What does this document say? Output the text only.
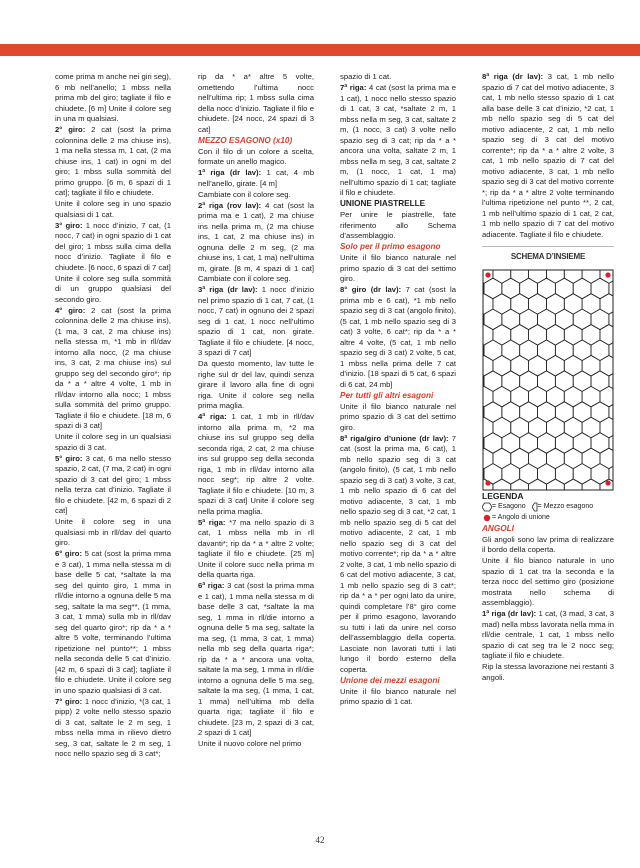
come prima m anche nei giri seg), 6 mb nell’anello; 1 mbss nella prima mb del giro; tagliate il filo e chiudete. [6 m] Unite il colore seg in una m qualsiasi.

2° giro: 2 cat (sost la prima colonnina delle 2 ma chiuse ins), 1 ma nella stessa m, 1 cat, (2 ma chiuse ins, 1 cat) in ogni m del giro; 1 mbss sulla sommità del primo gruppo. [6 m, 6 spazi di 1 cat]; tagliate il filo e chiudete.

Unite il colore seg in uno spazio qualsiasi di 1 cat.

3° giro: 1 nocc d’inizio, 7 cat, (1 nocc, 7 cat) in ogni spazio di 1 cat del giro; 1 mbss sulla cima della nocc d’inizio. Tagliate il filo e chiudete. [6 nocc, 6 spazi di 7 cat]

Unite il colore seg sulla sommità di un gruppo qualsiasi del secondo giro.

4° giro: 2 cat (sost la prima colonnina delle 2 ma chiuse ins), (1 ma, 3 cat, 2 ma chiuse ins) nella stessa m, *1 mb in rll/dav intorno alla nocc, (2 ma chiuse ins, 3 cat, 2 ma chiuse ins) sul gruppo seg del secondo giro*; rip da * a * altre 4 volte, 1 mb in rll/dav intorno alla nocc; 1 mbss sulla sommità del primo gruppo. Tagliate il filo e chiudete. [18 m, 6 spazi di 3 cat]

Unite il colore seg in un qualsiasi spazio di 3 cat.

5° giro: 3 cat, 6 ma nello stesso spazio, 2 cat, (7 ma, 2 cat) in ogni spazio di 3 cat del giro; 1 mbss nella terza cat d’inizio. Tagliate il filo e chiudete. [42 m, 6 spazi di 2 cat]

Unite il colore seg in una qualsiasi mb in rll/dav del quarto giro.

6° giro: 5 cat (sost la prima mma e 3 cat), 1 mma nella stessa m di base delle 5 cat, *saltate la ma seg del quinto giro, 1 mma in rll/die intorno a ognuna delle 5 ma seg, saltate la ma seg**, (1 mma, 3 cat, 1 mma) sulla mb in rll/dav seg del quarto giro*; rip da * a * altre 5 volte, terminando l’ultima ripetizione nel punto**; 1 mbss nella seconda delle 5 cat d’inizio. [42 m, 6 spazi di 3 cat]; tagliate il filo e chiudete. Unite il colore seg in uno spazio qualsiasi di 3 cat.

7° giro: 1 nocc d’inizio, *(3 cat, 1 pipp) 2 volte nello stesso spazio di 3 cat, saltate le 2 m seg, 1 mbss nella mma in rilievo dietro seg, 3 cat, saltate le 2 m seg, 1 nocc nello spazio seg di 3 cat*;

rip da * a* altre 5 volte, omettendo l’ultima nocc nell’ultima rip; 1 mbss sulla cima della nocc d’inizio. Tagliate il filo e chiudete. [24 nocc, 24 spazi di 3 cat]

MEZZO ESAGONO (x10)

Con il filo di un colore a scelta, formate un anello magico.

1ª riga (dr lav): 1 cat, 4 mb nell’anello, girate. [4 m]

Cambiate con il colore seg.

2ª riga (rov lav): 4 cat (sost la prima ma e 1 cat), 2 ma chiuse ins nella prima m, (2 ma chiuse ins, 1 cat, 2 ma chiuse ins) in ognuna delle 2 m seg, (2 ma chiuse ins, 1 cat, 1 ma) nell’ultima m, girate. [8 m, 4 spazi di 1 cat] Cambiate con il colore seg.

3ª riga (dr lav): 1 nocc d’inizio nel primo spazio di 1 cat, 7 cat, (1 nocc, 7 cat) in ognuno dei 2 spazi seg di 1 cat, 1 nocc nell’ultimo spazio di 1 cat, non girate. Tagliate il filo e chiudete. [4 nocc, 3 spazi di 7 cat]

Da questo momento, lav tutte le righe sul dr del lav, quindi senza girare il lavoro alla fine di ogni riga. Unite il colore seg nella prima maglia.

4ª riga: 1 cat, 1 mb in rll/dav intorno alla prima m, *2 ma chiuse ins sul gruppo seg della seconda riga, 2 cat, 2 ma chiuse ins sul gruppo seg della seconda riga, 1 mb in rll/dav intorno alla nocc seg*; rip altre 2 volte. Tagliate il filo e chiudete. [10 m, 3 spazi di 3 cat] Unite il colore seg nella prima maglia.

5ª riga: *7 ma nello spazio di 3 cat, 1 mbss nella mb in rll davanti*; rip da * a * altre 2 volte; tagliate il filo e chiudete. [25 m] Unite il colore succ nella prima m della quarta riga.

6ª riga: 3 cat (sost la prima mma e 1 cat), 1 mma nella stessa m di base delle 3 cat, *saltate la ma seg, 1 mma in rll/die intorno a ognuna delle 5 ma seg, saltate la ma seg, (1 mma, 3 cat, 1 mma) nella mb seg della quarta riga*; rip da * a * ancora una volta, saltate la ma seg, 1 mma in rll/die intorno a ognuna delle 5 ma seg, saltate la ma seg, (1 mma, 1 cat, 1 mma) nell’ultima mb della quarta riga; tagliate il filo e chiudete. [23 m, 2 spazi di 3 cat, 2 spazi di 1 cat]

Unite il nuovo colore nel primo

spazio di 1 cat.

7ª riga: 4 cat (sost la prima ma e 1 cat), 1 nocc nello stesso spazio di 1 cat, 3 cat, *saltate 2 m, 1 mbss nella m seg, 3 cat, saltate 2 m, (1 nocc, 3 cat) 3 volte nello spazio seg di 3 cat; rip da * a * ancora una volta, saltate 2 m, 1 mbss nella m seg, 3 cat, saltate 2 m, (1 nocc, 1 cat, 1 ma) nell’ultimo spazio di 1 cat; tagliate il filo e chiudete.

UNIONE PIASTRELLE

Per unire le piastrelle, fate riferimento allo Schema d’assemblaggio.

Solo per il primo esagono

Unite il filo bianco naturale nel primo spazio di 3 cat del settimo giro.

8° giro (dr lav): 7 cat (sost la prima mb e 6 cat), *1 mb nello spazio seg di 3 cat (angolo finito), (5 cat, 1 mb nello spazio seg di 3 cat) 3 volte, 6 cat*; rip da * a * altre 4 volte, (5 cat, 1 mb nello spazio seg di 3 cat) 2 volte, 5 cat, 1 mbss nella prima delle 7 cat d’inizio. [18 spazi di 5 cat, 6 spazi di 6 cat, 24 mb]

Per tutti gli altri esagoni

Unite il filo bianco naturale nel primo spazio di 3 cat del settimo giro.

8ª riga/giro d’unione (dr lav): 7 cat (sost la prima ma, 6 cat), 1 mb nello spazio seg di 3 cat (angolo finito), (5 cat, 1 mb nello spazio seg di 3 cat) 3 volte, 3 cat, 1 mb nello spazio di 6 cat del motivo adiacente, 3 cat, 1 mb nello spazio seg di 3 cat, *2 cat, 1 mb nello spazio seg di 5 cat del motivo adiacente, 2 cat, 1 mb nello spazio seg di 3 cat del motivo corrente*; rip da * a * altre 2 volte, 3 cat, 1 mb nello spazio di 6 cat del motivo adiacente, 3 cat, 1 mb nello spazio seg di 3 cat*; rip da * a * per ogni lato da unire, quindi completare l’8° giro come per il primo esagono, lavorando su tutti i lati da unire nel corso dell’assemblaggio della coperta. Lasciate non lavorati tutti i lati lungo il bordo esterno della coperta.

Unione dei mezzi esagoni

Unite il filo bianco naturale nel primo spazio di 1 cat.

8ª riga (dr lav): 3 cat, 1 mb nello spazio di 7 cat del motivo adiacente, 3 cat, 1 mb nello stesso spazio di 1 cat alla base delle 3 cat d’inizio, *2 cat, 1 mb nello spazio seg di 5 cat del motivo adiacente, 2 cat, 1 mb nello spazio seg di 3 cat del motivo corrente*; rip da * a * altre 2 volte, 3 cat, 1 mb nello spazio di 7 cat del motivo adiacente, 3 cat, 1 mb nello spazio seg di 3 cat del motivo corrente *; rip da * a * altre 2 volte terminando l’ultima ripetizione nel punto **, 2 cat, 1 mb nell’ultimo spazio di 1 cat, 2 cat, 1 mb nello spazio di 7 cat del motivo adiacente. Tagliate il filo e chiudete.

SCHEMA D’INSIEME

LEGENDA

= Esagono = Mezzo esagono
= Angolo di unione

ANGOLI

Gli angoli sono lav prima di realizzare il bordo della coperta.

Unite il filo bianco naturale in uno spazio di 1 cat tra la seconda e la terza nocc del settimo giro (posizione mostrata nello schema di assemblaggio).

1ª riga (dr lav): 1 cat, (3 mad, 3 cat, 3 mad) nella mbss lavorata nella mma in rll/die centrale, 1 cat, 1 mbss nello spazio di cat seg tra le 2 nocc seg; tagliate il filo e chiudete.

Rip la stessa lavorazione nei restanti 3 angoli.

42
